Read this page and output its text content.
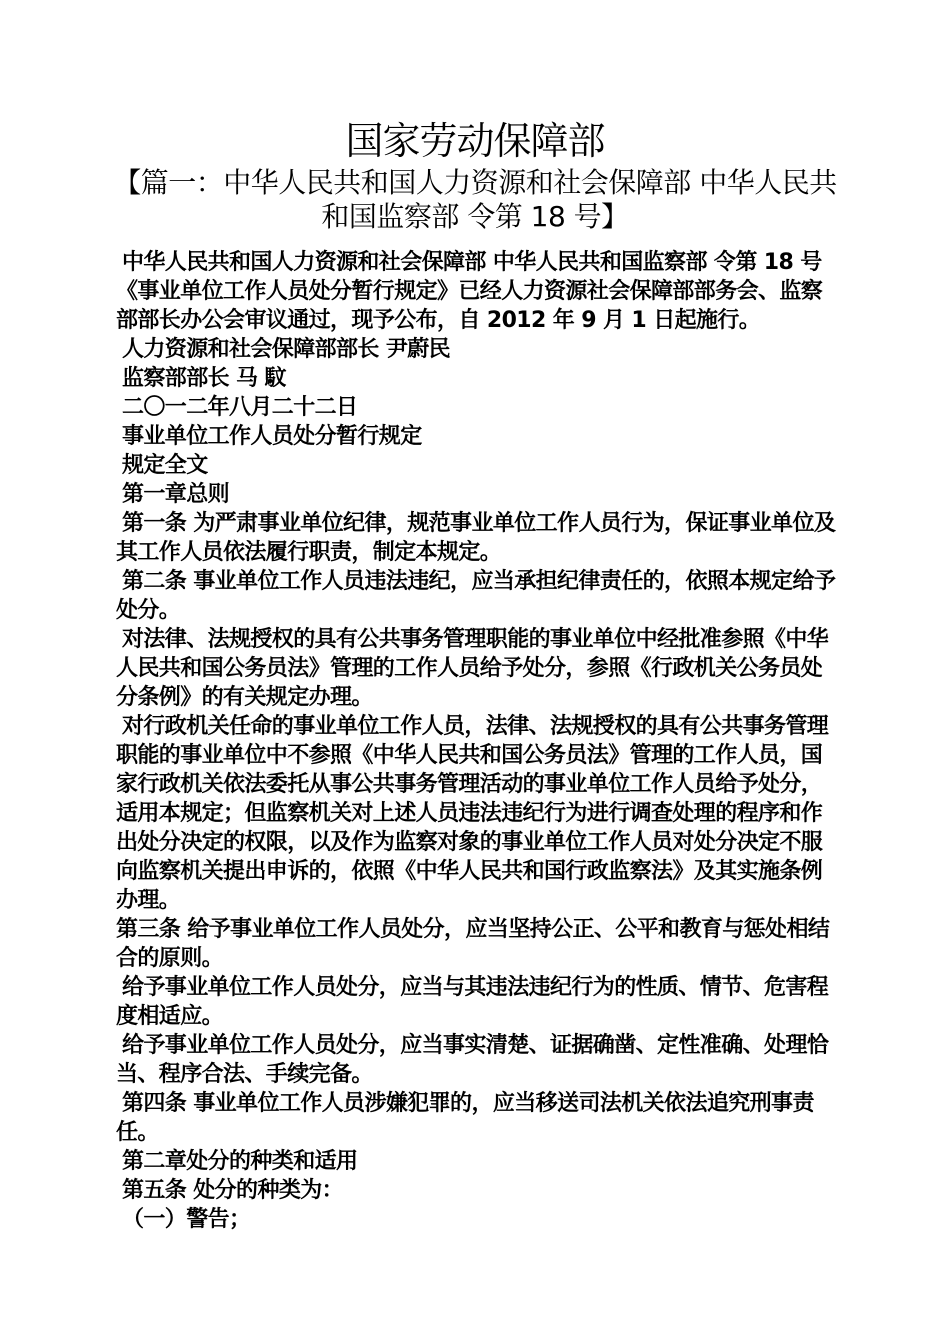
国家劳动保障部
【篇一：中华人民共和国人力资源和社会保障部 中华人民共和国监察部 令第 18 号】

中华人民共和国人力资源和社会保障部 中华人民共和国监察部 令第 18 号 《事业单位工作人员处分暂行规定》已经人力资源社会保障部部务会、监察部部长办公会审议通过，现予公布，自 2012 年 9 月 1 日起施行。

人力资源和社会保障部部长 尹蔚民

监察部部长 马 馼

二〇一二年八月二十二日

事业单位工作人员处分暂行规定

规定全文

第一章总则

第一条 为严肃事业单位纪律，规范事业单位工作人员行为，保证事业单位及其工作人员依法履行职责，制定本规定。

第二条 事业单位工作人员违法违纪，应当承担纪律责任的，依照本规定给予处分。

对法律、法规授权的具有公共事务管理职能的事业单位中经批准参照《中华人民共和国公务员法》管理的工作人员给予处分，参照《行政机关公务员处分条例》的有关规定办理。

对行政机关任命的事业单位工作人员，法律、法规授权的具有公共事务管理职能的事业单位中不参照《中华人民共和国公务员法》管理的工作人员，国家行政机关依法委托从事公共事务管理活动的事业单位工作人员给予处分，适用本规定；但监察机关对上述人员违法违纪行为进行调查处理的程序和作出处分决定的权限，以及作为监察对象的事业单位工作人员对处分决定不服向监察机关提出申诉的，依照《中华人民共和国行政监察法》及其实施条例办理。

第三条 给予事业单位工作人员处分，应当坚持公正、公平和教育与惩处相结合的原则。

给予事业单位工作人员处分，应当与其违法违纪行为的性质、情节、危害程度相适应。

给予事业单位工作人员处分，应当事实清楚、证据确凿、定性准确、处理恰当、程序合法、手续完备。

第四条 事业单位工作人员涉嫌犯罪的，应当移送司法机关依法追究刑事责任。

第二章处分的种类和适用

第五条 处分的种类为：

（一）警告；
